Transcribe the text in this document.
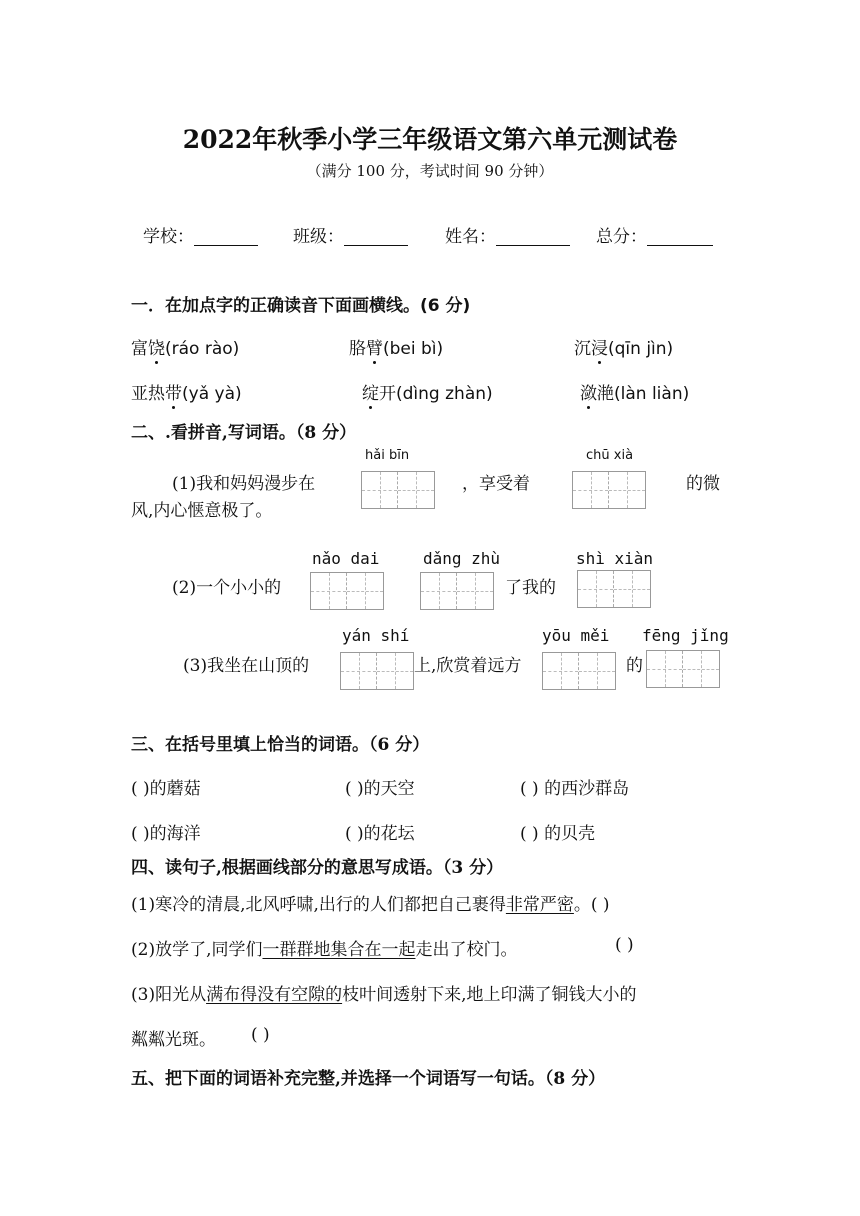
2022年秋季小学三年级语文第六单元测试卷
（满分 100 分，考试时间 90 分钟）
学校：	班级：	姓名：	总分：
一．在加点字的正确读音下面画横线。(6 分)
富饶(ráo rào)	胳臂(bei bì)	沉浸(qīn jìn)
亚热带(yǎ yà)	绽开(dìng zhàn)	潋滟(làn liàn)
二、.看拼音,写词语。（8 分）
hǎi bīn	chū xià
(1)我和妈妈漫步在	，享受着	的微
风,内心惬意极了。
nǎo dai	dǎng zhù	shì xiàn
(2)一个小小的	了我的
yán shí	yōu měi fēng jǐng
(3)我坐在山顶的	上,欣赏着远方	的
三、在括号里填上恰当的词语。（6 分）
( )的蘑菇	( )的天空	( ) 的西沙群岛
( )的海洋	( )的花坛	( ) 的贝壳
四、读句子,根据画线部分的意思写成语。（3 分）
(1)寒冷的清晨,北风呼啸,出行的人们都把自己裹得非常严密。( )
(2)放学了,同学们一群群地集合在一起走出了校门。	( )
(3)阳光从满布得没有空隙的枝叶间透射下来,地上印满了铜钱大小的
粼粼光斑。 ( )
五、把下面的词语补充完整,并选择一个词语写一句话。（8 分）
